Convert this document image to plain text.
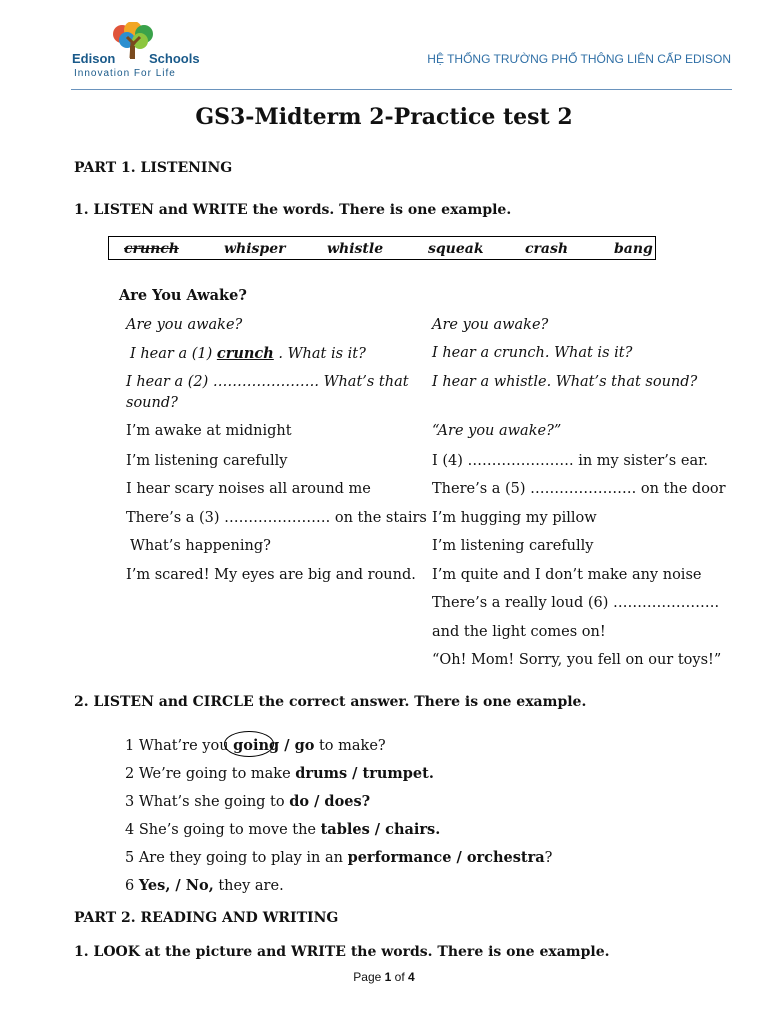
Edison	Schools
Innovation For Life
HỆ THỐNG TRƯỜNG PHỔ THÔNG LIÊN CẤP EDISON
GS3-Midterm 2-Practice test 2
PART 1. LISTENING
1. LISTEN and WRITE the words. There is one example.
crunch	whisper	whistle	squeak	crash	bang
Are You Awake?
Are you awake?
I hear a (1) crunch . What is it?
I hear a (2) …………………. What’s that
sound?
I’m awake at midnight
I’m listening carefully
I hear scary noises all around me
There’s a (3) …………………. on the stairs
What’s happening?
I’m scared! My eyes are big and round.
Are you awake?
I hear a crunch. What is it?
I hear a whistle. What’s that sound?
“Are you awake?”
I (4) …………………. in my sister’s ear.
There’s a (5) …………………. on the door
I’m hugging my pillow
I’m listening carefully
I’m quite and I don’t make any noise
There’s a really loud (6) ………………….
and the light comes on!
“Oh! Mom! Sorry, you fell on our toys!”
2. LISTEN and CIRCLE the correct answer. There is one example.
1 What’re you going / go to make?
2 We’re going to make drums / trumpet.
3 What’s she going to do / does?
4 She’s going to move the tables / chairs.
5 Are they going to play in an performance / orchestra?
6 Yes, / No, they are.
PART 2. READING AND WRITING
1. LOOK at the picture and WRITE the words. There is one example.
Page 1 of 4
